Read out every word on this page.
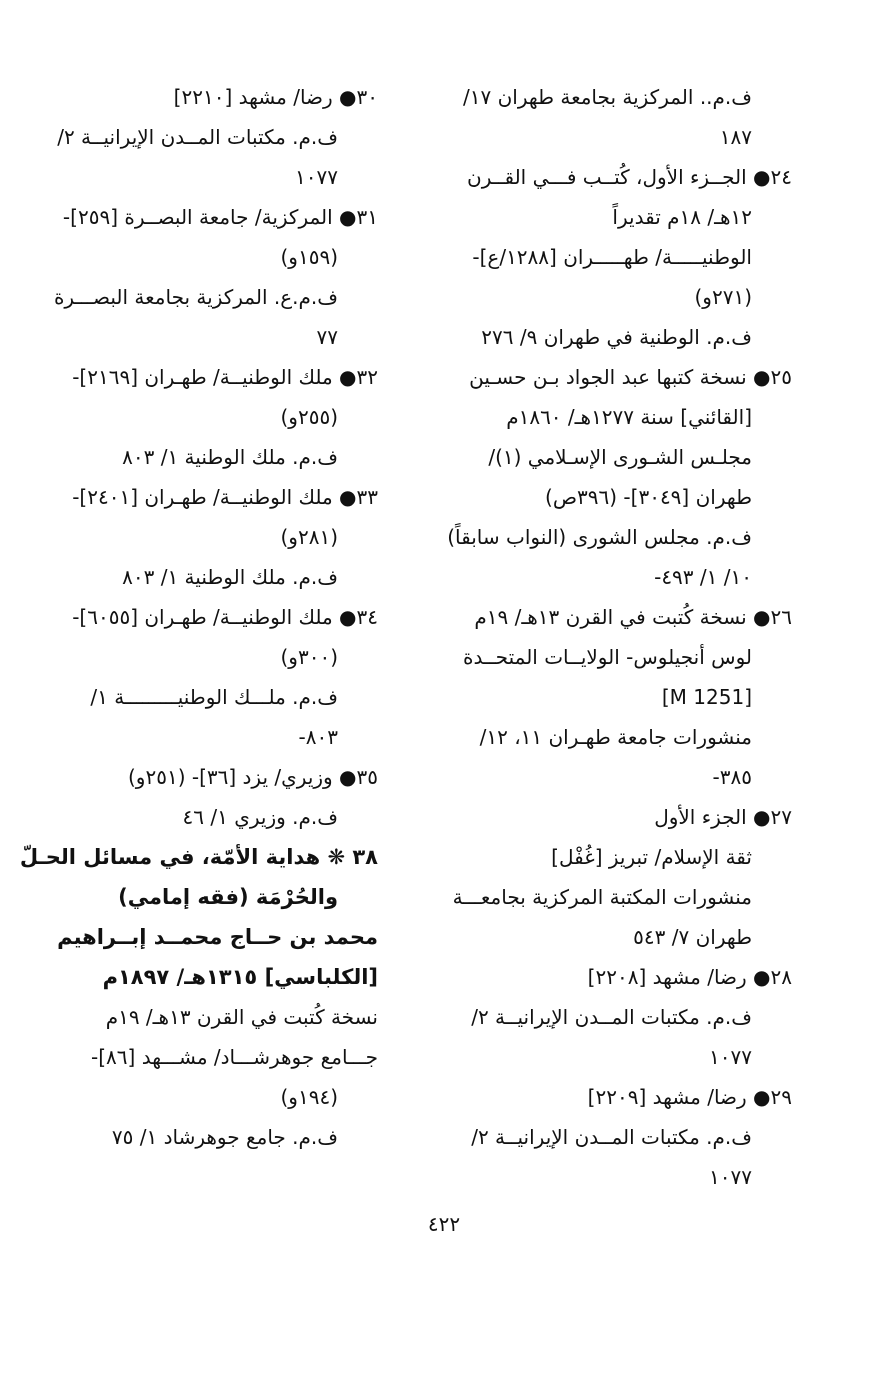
ف.م.. المركزية بجامعة طهران ١٧/
١٨٧
٢٤● الجــزء الأول، كُتــب فـــي القــرن
١٢هـ/ ١٨م تقديراً
الوطنيـــــة/ طهـــــران [١٢٨٨/ع]-
(٢٧١و)
ف.م. الوطنية في طهران ٩/ ٢٧٦
٢٥● نسخة كتبها عبد الجواد بـن حسـين
[القائني] سنة ١٢٧٧هـ/ ١٨٦٠م
مجلـس الشـورى الإسـلامي (١)/
طهران [٣٠٤٩]- (٣٩٦ص)
ف.م. مجلس الشورى (النواب سابقاً)
١٠/ ١/ ٤٩٣-
٢٦● نسخة كُتبت في القرن ١٣هـ/ ١٩م
لوس أنجيلوس- الولايــات المتحــدة
[M 1251]
منشورات جامعة طهـران ١١، ١٢/
٣٨٥-
٢٧● الجزء الأول
ثقة الإسلام/ تبريز [غُفْل]
منشورات المكتبة المركزية بجامعـــة
طهران ٧/ ٥٤٣
٢٨● رضا/ مشهد [٢٢٠٨]
ف.م. مكتبات المــدن الإيرانيــة ٢/
١٠٧٧
٢٩● رضا/ مشهد [٢٢٠٩]
ف.م. مكتبات المــدن الإيرانيــة ٢/
١٠٧٧
٣٠● رضا/ مشهد [٢٢١٠]
ف.م. مكتبات المــدن الإيرانيــة ٢/
١٠٧٧
٣١● المركزية/ جامعة البصــرة [٢٥٩]-
(١٥٩و)
ف.م.ع. المركزية بجامعة البصـــرة
٧٧
٣٢● ملك الوطنيــة/ طهـران [٢١٦٩]-
(٢٥٥و)
ف.م. ملك الوطنية ١/ ٨٠٣
٣٣● ملك الوطنيــة/ طهـران [٢٤٠١]-
(٢٨١و)
ف.م. ملك الوطنية ١/ ٨٠٣
٣٤● ملك الوطنيــة/ طهـران [٦٠٥٥]-
(٣٠٠و)
ف.م. ملـــك الوطنيـــــــــة ١/
٨٠٣-
٣٥● وزيري/ يزد [٣٦]- (٢٥١و)
ف.م. وزيري ١/ ٤٦
٣٨ ❋ هداية الأمّة، في مسائل الحـلّ
والحُرْمَة (فقه إمامي)
محمد بن حــاج محمــد إبــراهيم
[الكلباسي] ١٣١٥هـ/ ١٨٩٧م
نسخة كُتبت في القرن ١٣هـ/ ١٩م
جـــامع جوهرشـــاد/ مشـــهد [٨٦]-
(١٩٤و)
ف.م. جامع جوهرشاد ١/ ٧٥
٤٢٢
